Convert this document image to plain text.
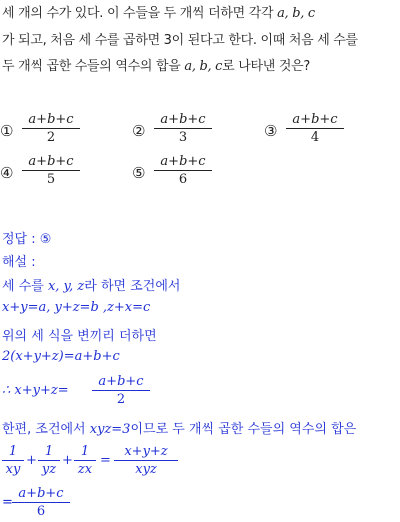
세 개의 수가 있다. 이 수들을 두 개씩 더하면 각각 a, b, c
가 되고, 처음 세 수를 곱하면 3이 된다고 한다. 이때 처음 세 수를
두 개씩 곱한 수들의 역수의 합을 a, b, c로 나타낸 것은?
① $\frac{a+b+c}{2}$	② $\frac{a+b+c}{3}$	③ $\frac{a+b+c}{4}$
④ $\frac{a+b+c}{5}$	⑤ $\frac{a+b+c}{6}$
정답 : ⑤
해설 :
세 수를 x, y, z라 하면 조건에서
x+y=a, y+z=b ,z+x=c
위의 세 식을 변끼리 더하면
2(x+y+z)=a+b+c
∴ $x+y+z= \frac{a+b+c}{2}$
한편, 조건에서 xyz=3이므로 두 개씩 곱한 수들의 역수의 합은
$\frac{1}{xy} + \frac{1}{yz} + \frac{1}{zx}$ =
x+y+z
xyz
= $\frac{a+b+c}{6}$
